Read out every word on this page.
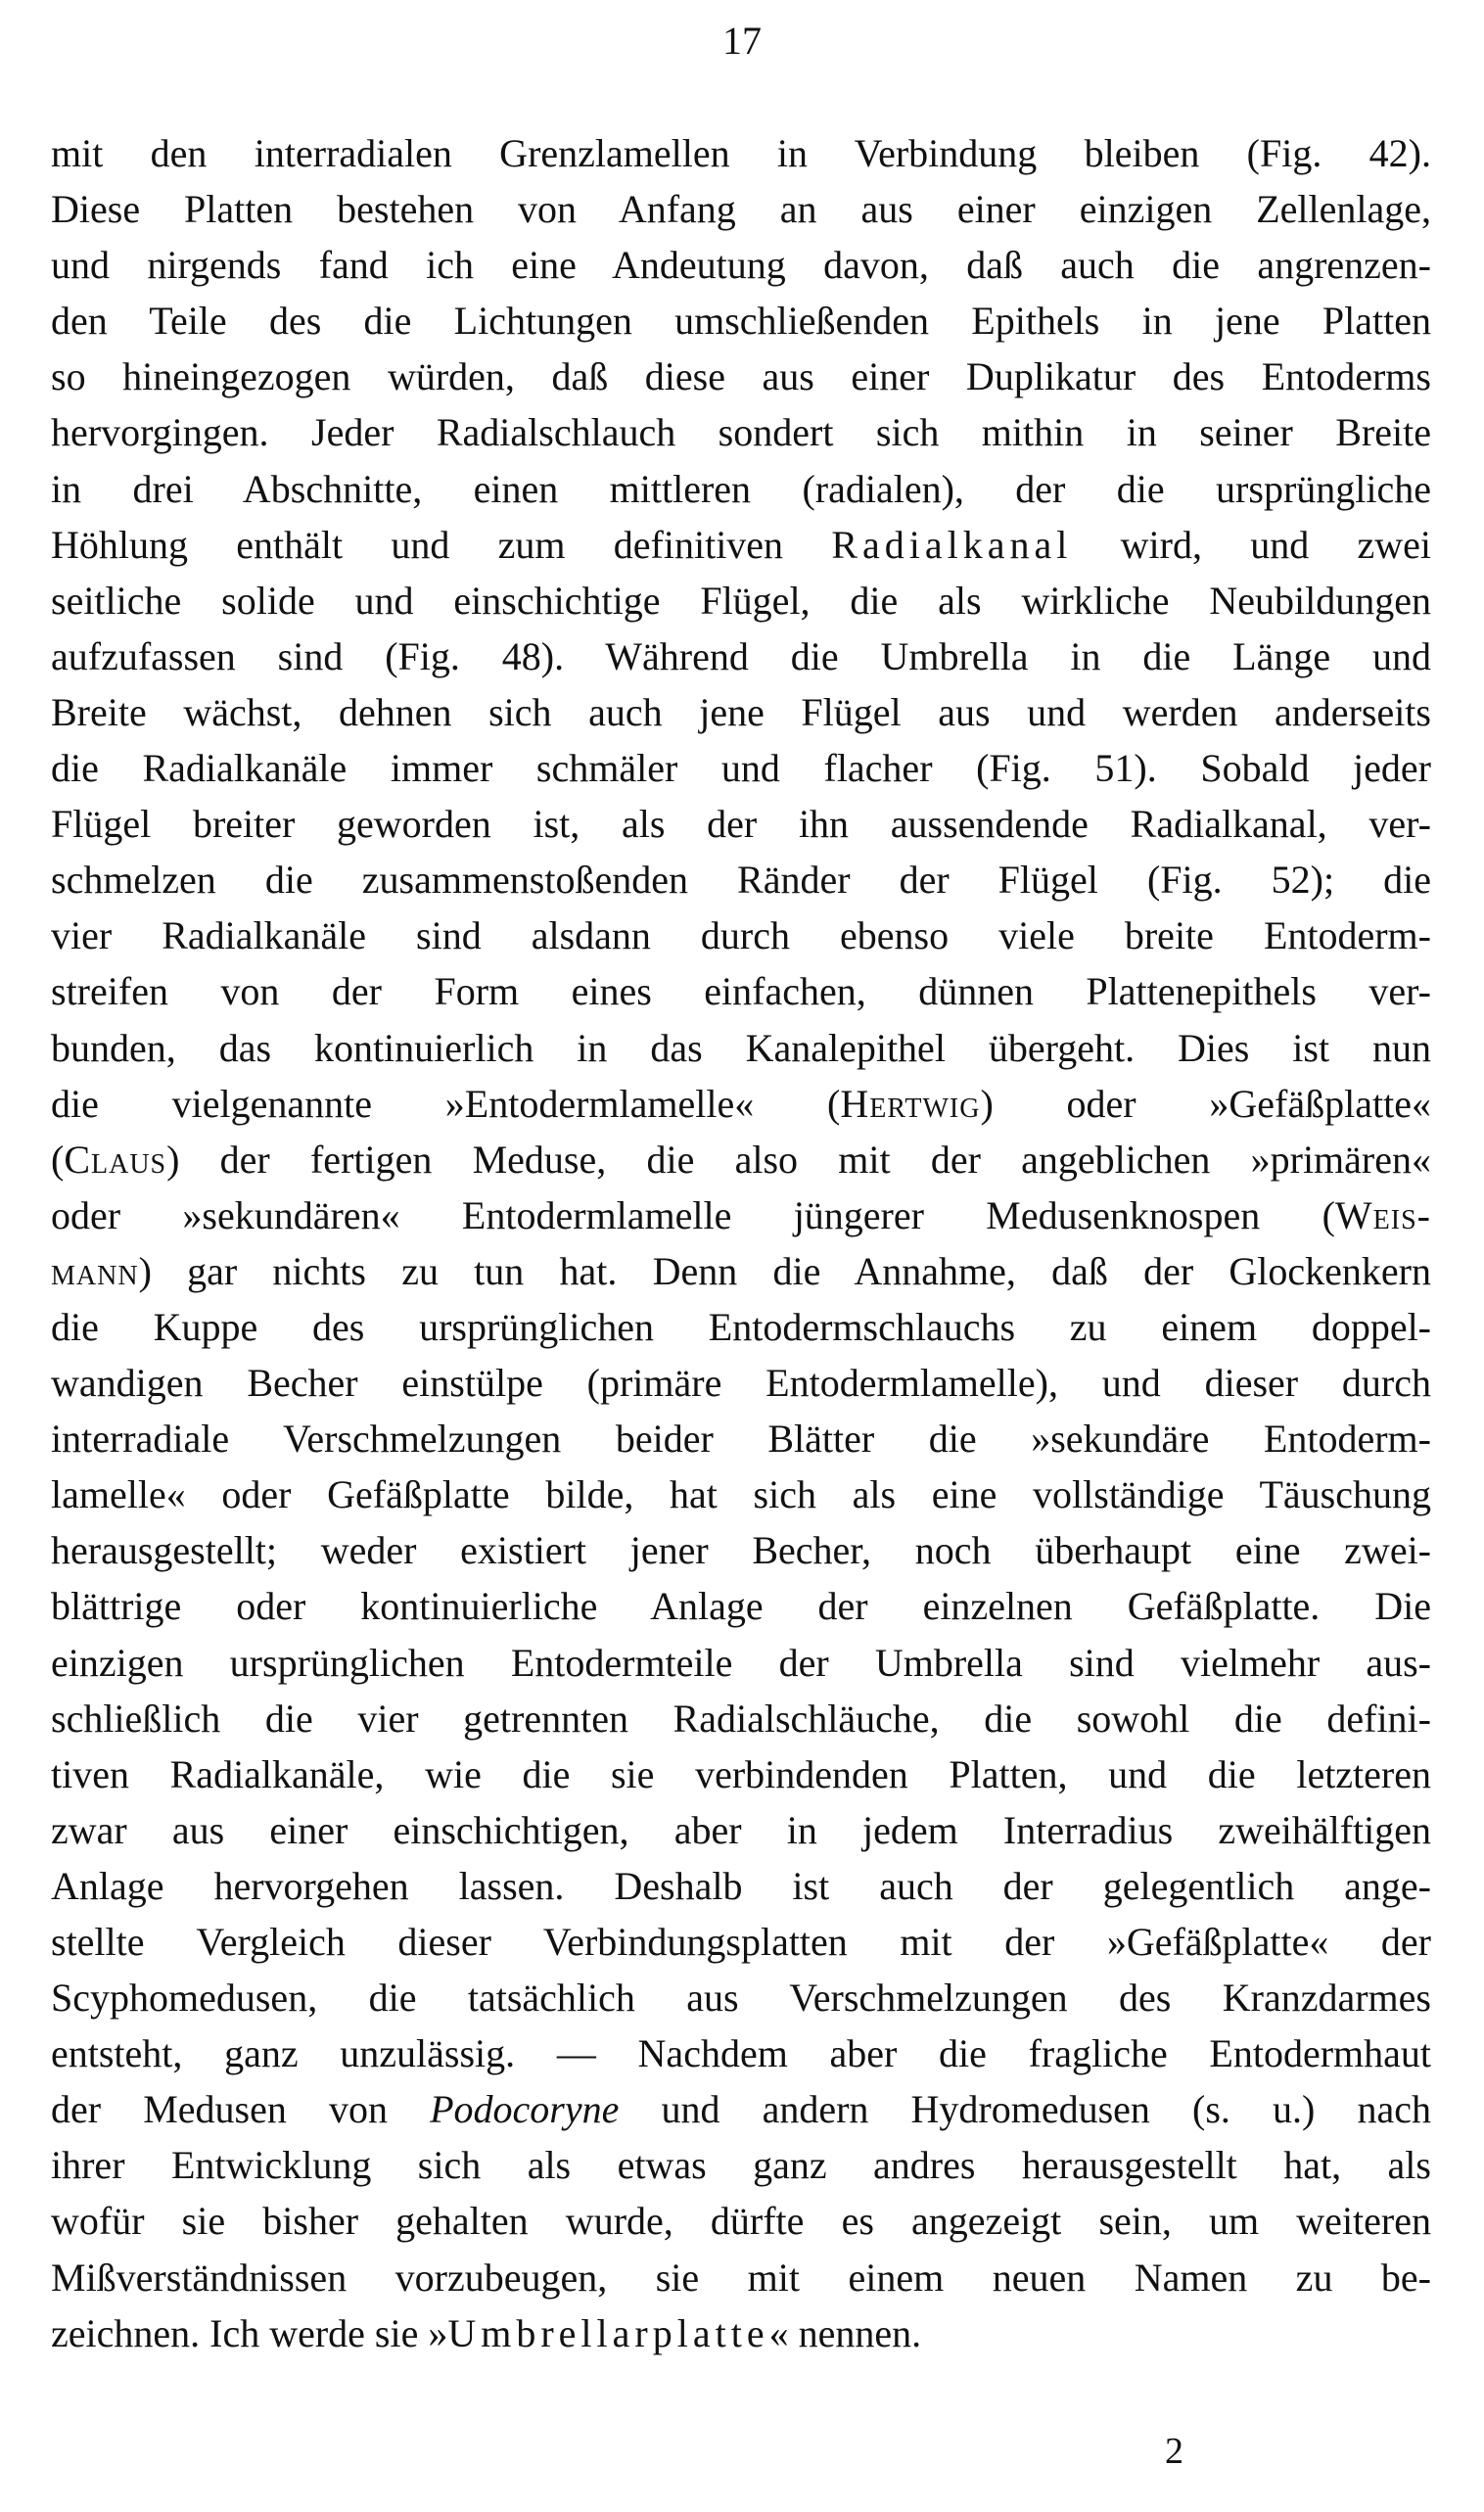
17
mit den interradialen Grenzlamellen in Verbindung bleiben (Fig. 42).
Diese Platten bestehen von Anfang an aus einer einzigen Zellenlage,
und nirgends fand ich eine Andeutung davon, daß auch die angrenzen-
den Teile des die Lichtungen umschließenden Epithels in jene Platten
so hineingezogen würden, daß diese aus einer Duplikatur des Entoderms
hervorgingen. Jeder Radialschlauch sondert sich mithin in seiner Breite
in drei Abschnitte, einen mittleren (radialen), der die ursprüngliche
Höhlung enthält und zum definitiven Radialkanal wird, und zwei
seitliche solide und einschichtige Flügel, die als wirkliche Neubildungen
aufzufassen sind (Fig. 48). Während die Umbrella in die Länge und
Breite wächst, dehnen sich auch jene Flügel aus und werden anderseits
die Radialkanäle immer schmäler und flacher (Fig. 51). Sobald jeder
Flügel breiter geworden ist, als der ihn aussendende Radialkanal, ver-
schmelzen die zusammenstoßenden Ränder der Flügel (Fig. 52); die
vier Radialkanäle sind alsdann durch ebenso viele breite Entoderm-
streifen von der Form eines einfachen, dünnen Plattenepithels ver-
bunden, das kontinuierlich in das Kanalepithel übergeht. Dies ist nun
die vielgenannte »Entodermlamelle« (Hertwig) oder »Gefäßplatte«
(Claus) der fertigen Meduse, die also mit der angeblichen »primären«
oder »sekundären« Entodermlamelle jüngerer Medusenknospen (Weis-
mann) gar nichts zu tun hat. Denn die Annahme, daß der Glockenkern
die Kuppe des ursprünglichen Entodermschlauchs zu einem doppel-
wandigen Becher einstülpe (primäre Entodermlamelle), und dieser durch
interradiale Verschmelzungen beider Blätter die »sekundäre Entoderm-
lamelle« oder Gefäßplatte bilde, hat sich als eine vollständige Täuschung
herausgestellt; weder existiert jener Becher, noch überhaupt eine zwei-
blättrige oder kontinuierliche Anlage der einzelnen Gefäßplatte. Die
einzigen ursprünglichen Entodermteile der Umbrella sind vielmehr aus-
schließlich die vier getrennten Radialschläuche, die sowohl die defini-
tiven Radialkanäle, wie die sie verbindenden Platten, und die letzteren
zwar aus einer einschichtigen, aber in jedem Interradius zweihälftigen
Anlage hervorgehen lassen. Deshalb ist auch der gelegentlich ange-
stellte Vergleich dieser Verbindungsplatten mit der »Gefäßplatte« der
Scyphomedusen, die tatsächlich aus Verschmelzungen des Kranzdarmes
entsteht, ganz unzulässig. — Nachdem aber die fragliche Entodermhaut
der Medusen von Podocoryne und andern Hydromedusen (s. u.) nach
ihrer Entwicklung sich als etwas ganz andres herausgestellt hat, als
wofür sie bisher gehalten wurde, dürfte es angezeigt sein, um weiteren
Mißverständnissen vorzubeugen, sie mit einem neuen Namen zu be-
zeichnen. Ich werde sie »Umbrellarplatte« nennen.
2
